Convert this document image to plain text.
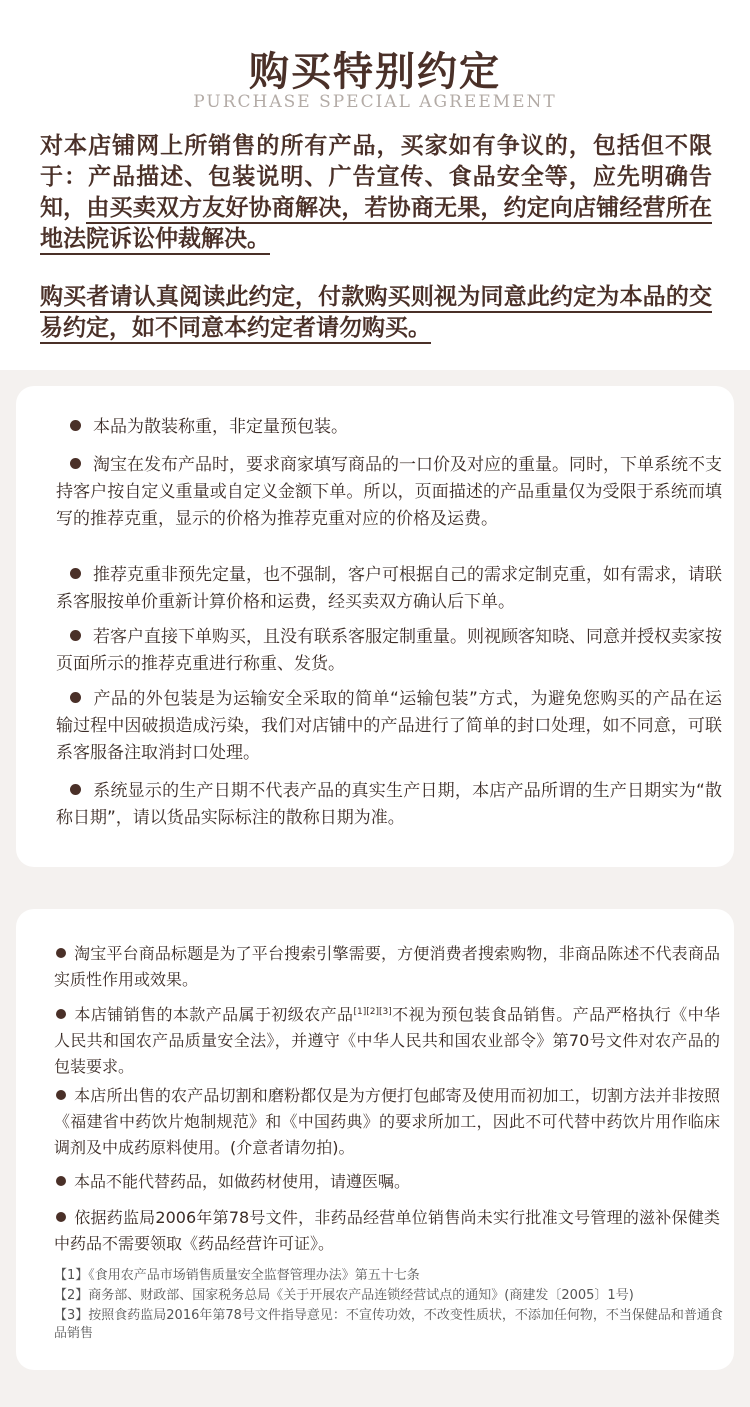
购买特别约定
PURCHASE SPECIAL AGREEMENT
对本店铺网上所销售的所有产品，买家如有争议的，包括但不限于：产品描述、包装说明、广告宣传、食品安全等，应先明确告知，由买卖双方友好协商解决，若协商无果，约定向店铺经营所在地法院诉讼仲裁解决。
购买者请认真阅读此约定，付款购买则视为同意此约定为本品的交易约定，如不同意本约定者请勿购买。
本品为散装称重，非定量预包装。
淘宝在发布产品时，要求商家填写商品的一口价及对应的重量。同时，下单系统不支持客户按自定义重量或自定义金额下单。所以，页面描述的产品重量仅为受限于系统而填写的推荐克重，显示的价格为推荐克重对应的价格及运费。
推荐克重非预先定量，也不强制，客户可根据自己的需求定制克重，如有需求，请联系客服按单价重新计算价格和运费，经买卖双方确认后下单。
若客户直接下单购买，且没有联系客服定制重量。则视顾客知晓、同意并授权卖家按页面所示的推荐克重进行称重、发货。
产品的外包装是为运输安全采取的简单“运输包装”方式，为避免您购买的产品在运输过程中因破损造成污染，我们对店铺中的产品进行了简单的封口处理，如不同意，可联系客服备注取消封口处理。
系统显示的生产日期不代表产品的真实生产日期，本店产品所谓的生产日期实为“散称日期”，请以货品实际标注的散称日期为准。
淘宝平台商品标题是为了平台搜索引擎需要，方便消费者搜索购物，非商品陈述不代表商品实质性作用或效果。
本店铺销售的本款产品属于初级农产品[1][2][3]不视为预包装食品销售。产品严格执行《中华人民共和国农产品质量安全法》，并遵守《中华人民共和国农业部令》第70号文件对农产品的包装要求。
本店所出售的农产品切割和磨粉都仅是为方便打包邮寄及使用而初加工，切割方法并非按照《福建省中药饮片炮制规范》和《中国药典》的要求所加工，因此不可代替中药饮片用作临床调剂及中成药原料使用。(介意者请勿拍)。
本品不能代替药品，如做药材使用，请遵医嘱。
依据药监局2006年第78号文件，非药品经营单位销售尚未实行批准文号管理的滋补保健类中药品不需要领取《药品经营许可证》。
【1】《食用农产品市场销售质量安全监督管理办法》第五十七条
【2】商务部、财政部、国家税务总局《关于开展农产品连锁经营试点的通知》(商建发〔2005〕1号)
【3】按照食药监局2016年第78号文件指导意见：不宣传功效，不改变性质状，不添加任何物，不当保健品和普通食品销售
